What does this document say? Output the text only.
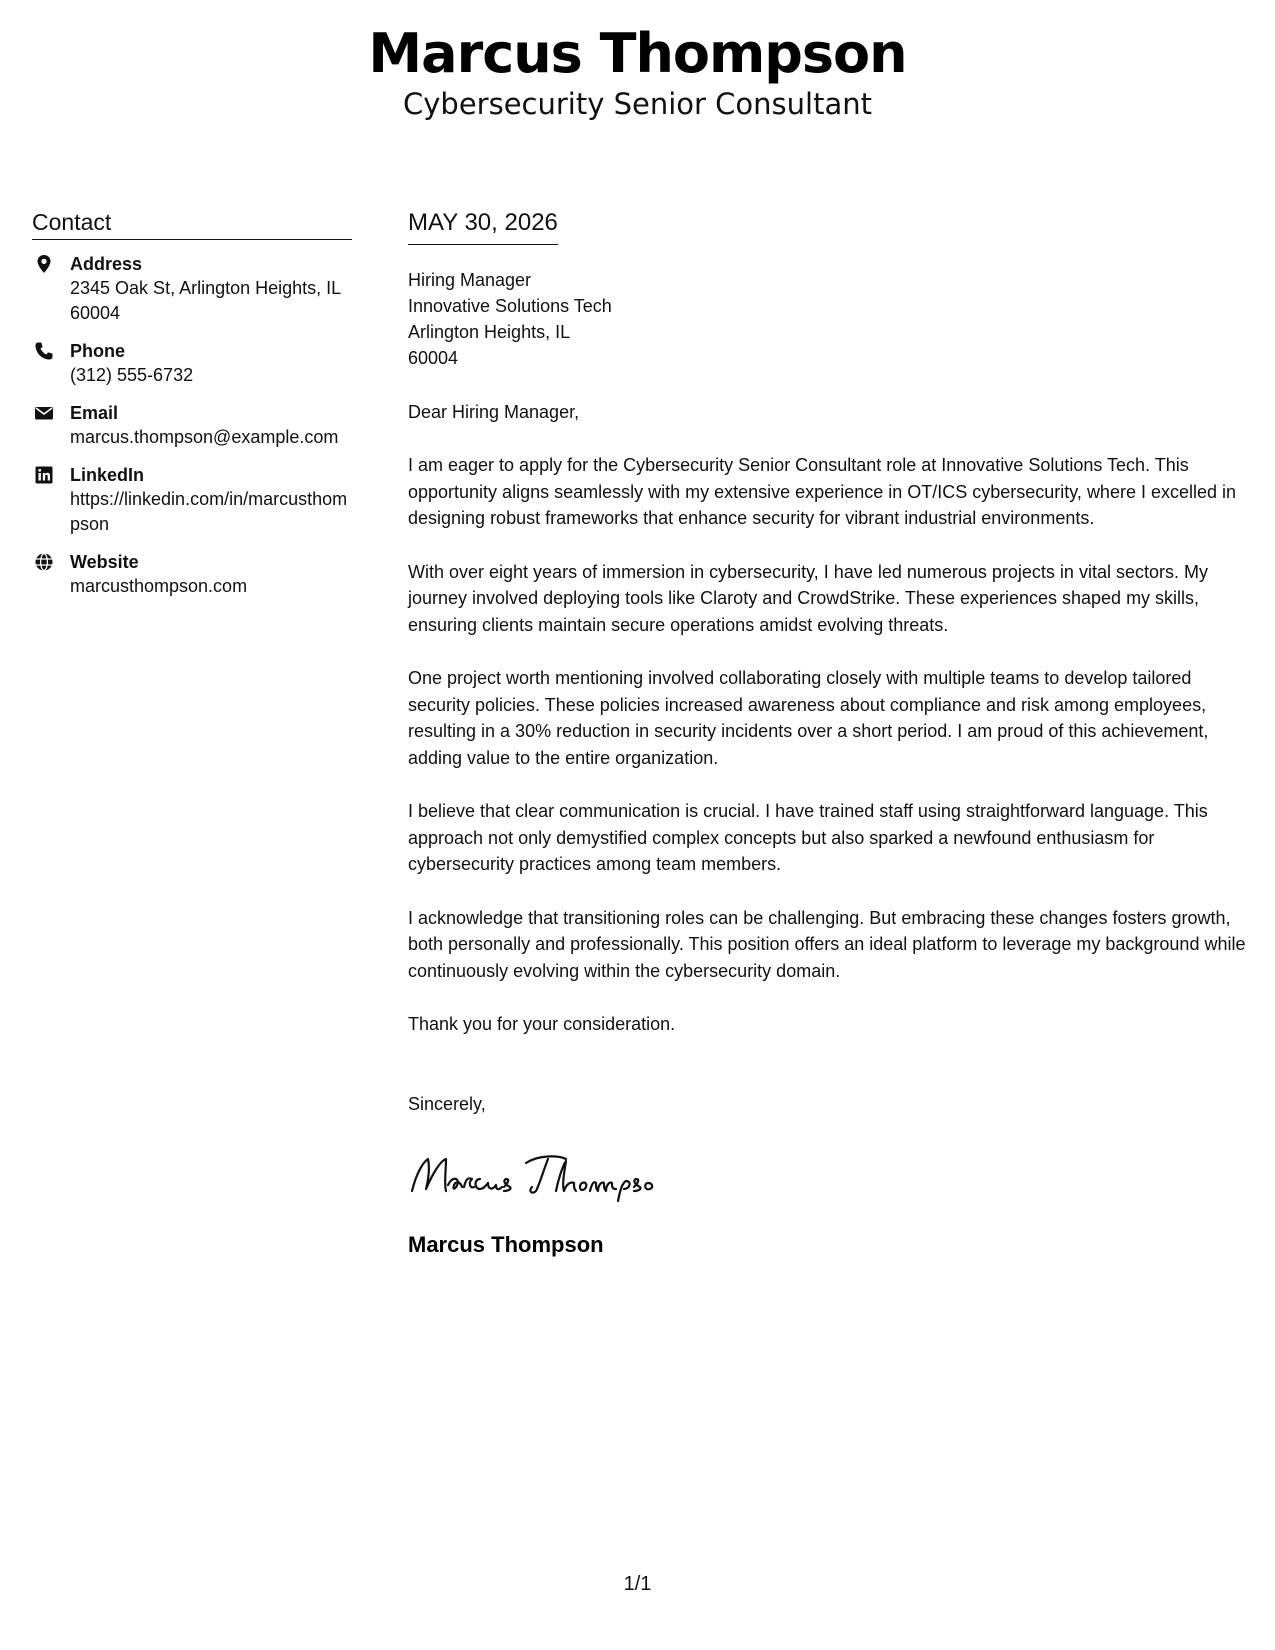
Marcus Thompson
Cybersecurity Senior Consultant
Contact
Address
2345 Oak St, Arlington Heights, IL 60004
Phone
(312) 555-6732
Email
marcus.thompson@example.com
LinkedIn
https://linkedin.com/in/marcusthompson
Website
marcusthompson.com
MAY 30, 2026
Hiring Manager
Innovative Solutions Tech
Arlington Heights, IL
60004
Dear Hiring Manager,
I am eager to apply for the Cybersecurity Senior Consultant role at Innovative Solutions Tech. This opportunity aligns seamlessly with my extensive experience in OT/ICS cybersecurity, where I excelled in designing robust frameworks that enhance security for vibrant industrial environments.
With over eight years of immersion in cybersecurity, I have led numerous projects in vital sectors. My journey involved deploying tools like Claroty and CrowdStrike. These experiences shaped my skills, ensuring clients maintain secure operations amidst evolving threats.
One project worth mentioning involved collaborating closely with multiple teams to develop tailored security policies. These policies increased awareness about compliance and risk among employees, resulting in a 30% reduction in security incidents over a short period. I am proud of this achievement, adding value to the entire organization.
I believe that clear communication is crucial. I have trained staff using straightforward language. This approach not only demystified complex concepts but also sparked a newfound enthusiasm for cybersecurity practices among team members.
I acknowledge that transitioning roles can be challenging. But embracing these changes fosters growth, both personally and professionally. This position offers an ideal platform to leverage my background while continuously evolving within the cybersecurity domain.
Thank you for your consideration.
Sincerely,
Marcus Thompson
1/1
